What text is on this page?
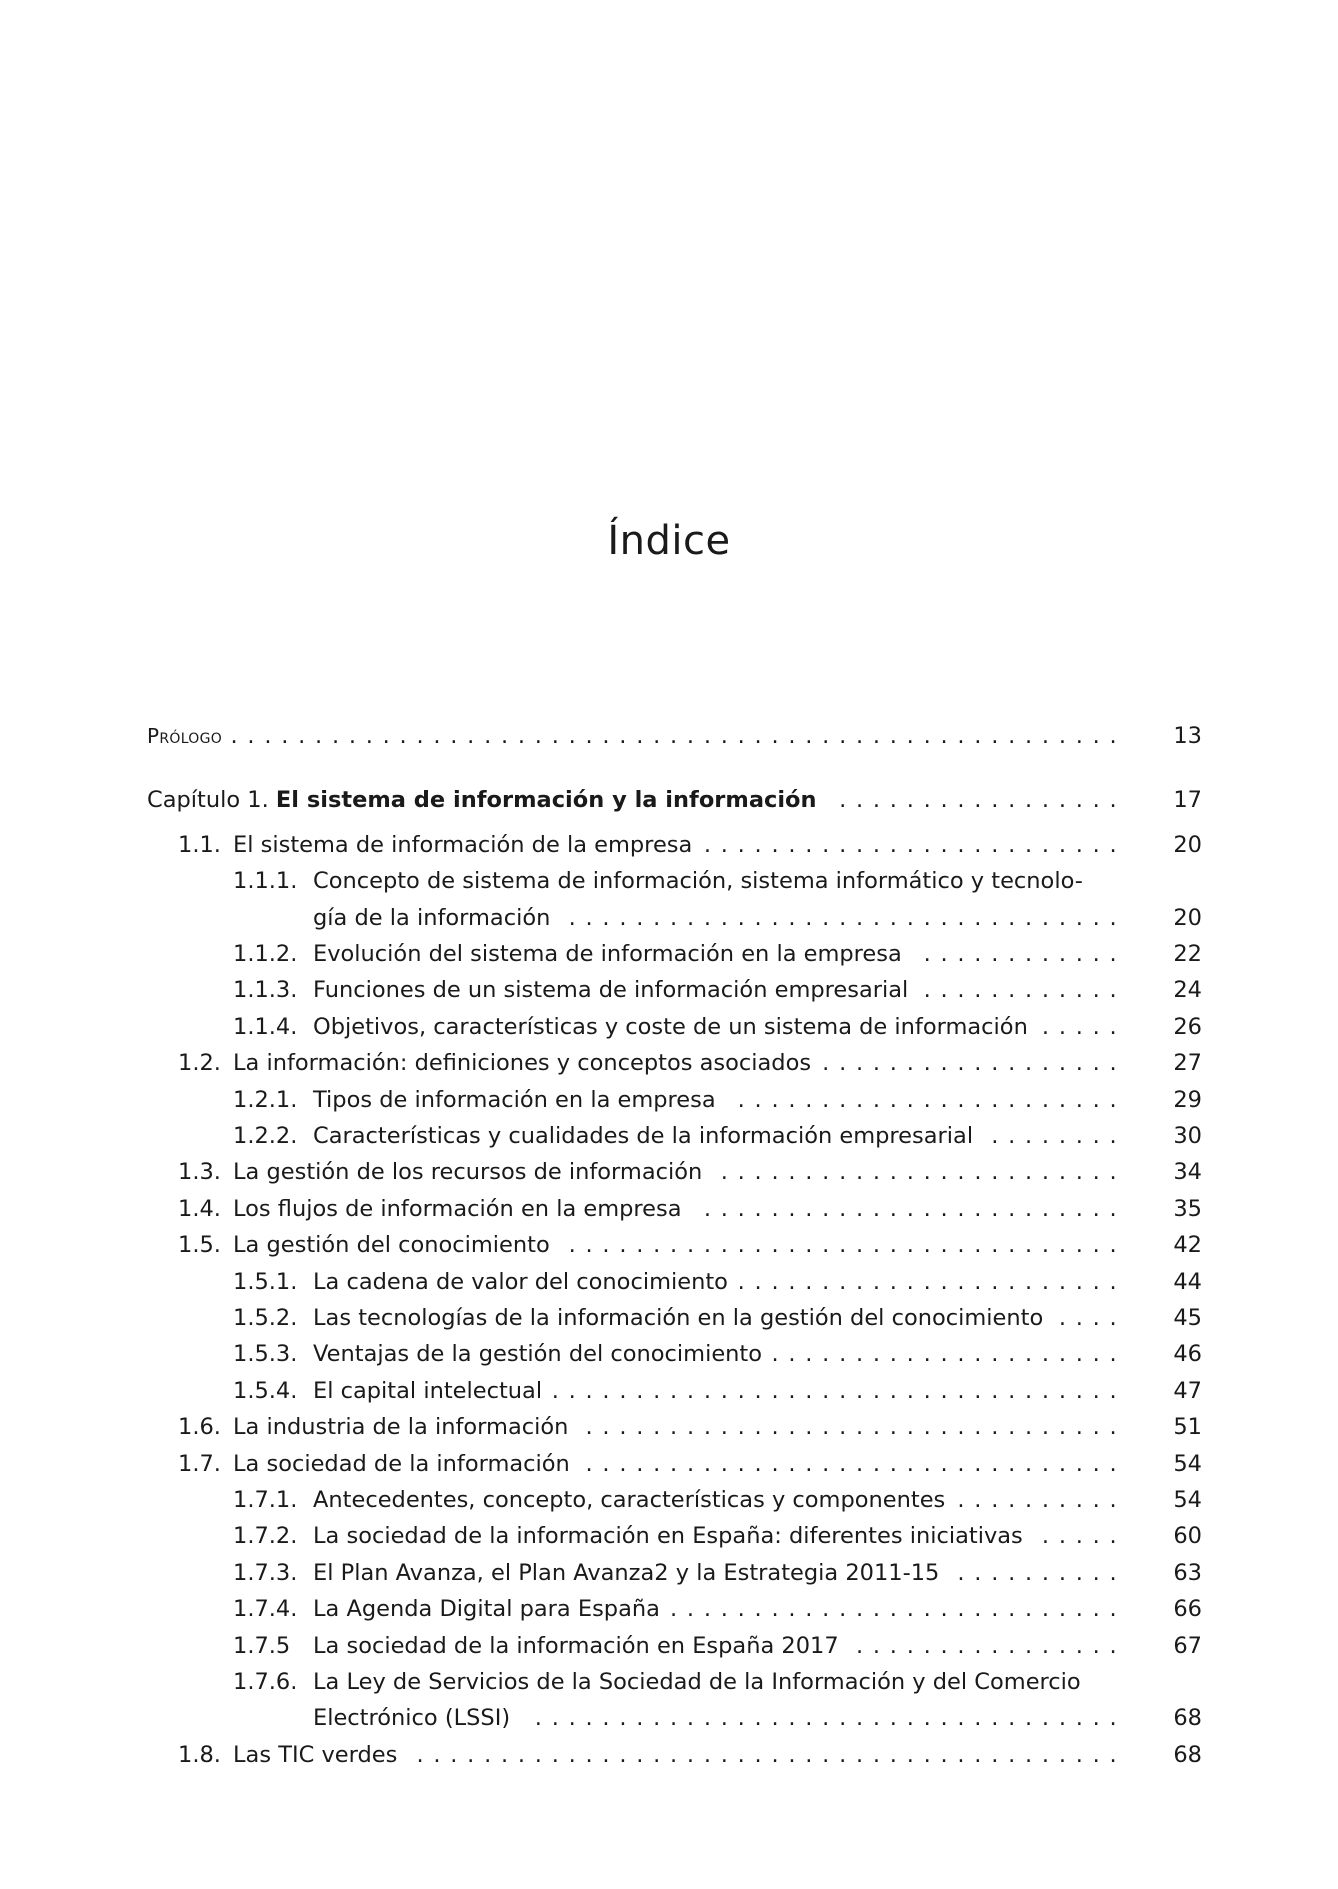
Índice
Prólogo . . . . . . . . . . . . . . . . . . . . . . . . . . . . . . . . . . . . . . . . . . . . . . . . . . . . .	13
Capítulo 1. El sistema de información y la información	. . . . . . . . . . . . . . . . .	17
1.1. El sistema de información de la empresa . . . . . . . . . . . . . . . . . . . . . . . . .	20
1.1.1. Concepto de sistema de información, sistema informático y tecnolo-
gía de la información . . . . . . . . . . . . . . . . . . . . . . . . . . . . . . . . .	20
1.1.2. Evolución del sistema de información en la empresa . . . . . . . . . . . .	22
1.1.3. Funciones de un sistema de información empresarial . . . . . . . . . . . .	24
1.1.4. Objetivos, características y coste de un sistema de información . . . . .	26
1.2. La información: definiciones y conceptos asociados . . . . . . . . . . . . . . . . . .	27
1.2.1. Tipos de información en la empresa . . . . . . . . . . . . . . . . . . . . . . .	29
1.2.2. Características y cualidades de la información empresarial . . . . . . . .	30
1.3. La gestión de los recursos de información . . . . . . . . . . . . . . . . . . . . . . . .	34
1.4. Los flujos de información en la empresa . . . . . . . . . . . . . . . . . . . . . . . . .	35
1.5. La gestión del conocimiento . . . . . . . . . . . . . . . . . . . . . . . . . . . . . . . . .	42
1.5.1. La cadena de valor del conocimiento . . . . . . . . . . . . . . . . . . . . . . .	44
1.5.2. Las tecnologías de la información en la gestión del conocimiento . . . .	45
1.5.3. Ventajas de la gestión del conocimiento . . . . . . . . . . . . . . . . . . . . .	46
1.5.4. El capital intelectual . . . . . . . . . . . . . . . . . . . . . . . . . . . . . . . . . .	47
1.6. La industria de la información . . . . . . . . . . . . . . . . . . . . . . . . . . . . . . . .	51
1.7. La sociedad de la información . . . . . . . . . . . . . . . . . . . . . . . . . . . . . . . .	54
1.7.1. Antecedentes, concepto, características y componentes . . . . . . . . . .	54
1.7.2. La sociedad de la información en España: diferentes iniciativas . . . . .	60
1.7.3. El Plan Avanza, el Plan Avanza2 y la Estrategia 2011-15 . . . . . . . . . .	63
1.7.4. La Agenda Digital para España . . . . . . . . . . . . . . . . . . . . . . . . . . .	66
1.7.5 La sociedad de la información en España 2017 . . . . . . . . . . . . . . . .	67
1.7.6. La Ley de Servicios de la Sociedad de la Información y del Comercio
Electrónico (LSSI)	. . . . . . . . . . . . . . . . . . . . . . . . . . . . . . . . . . .	68
1.8. Las TIC verdes . . . . . . . . . . . . . . . . . . . . . . . . . . . . . . . . . . . . . . . . . .	68
